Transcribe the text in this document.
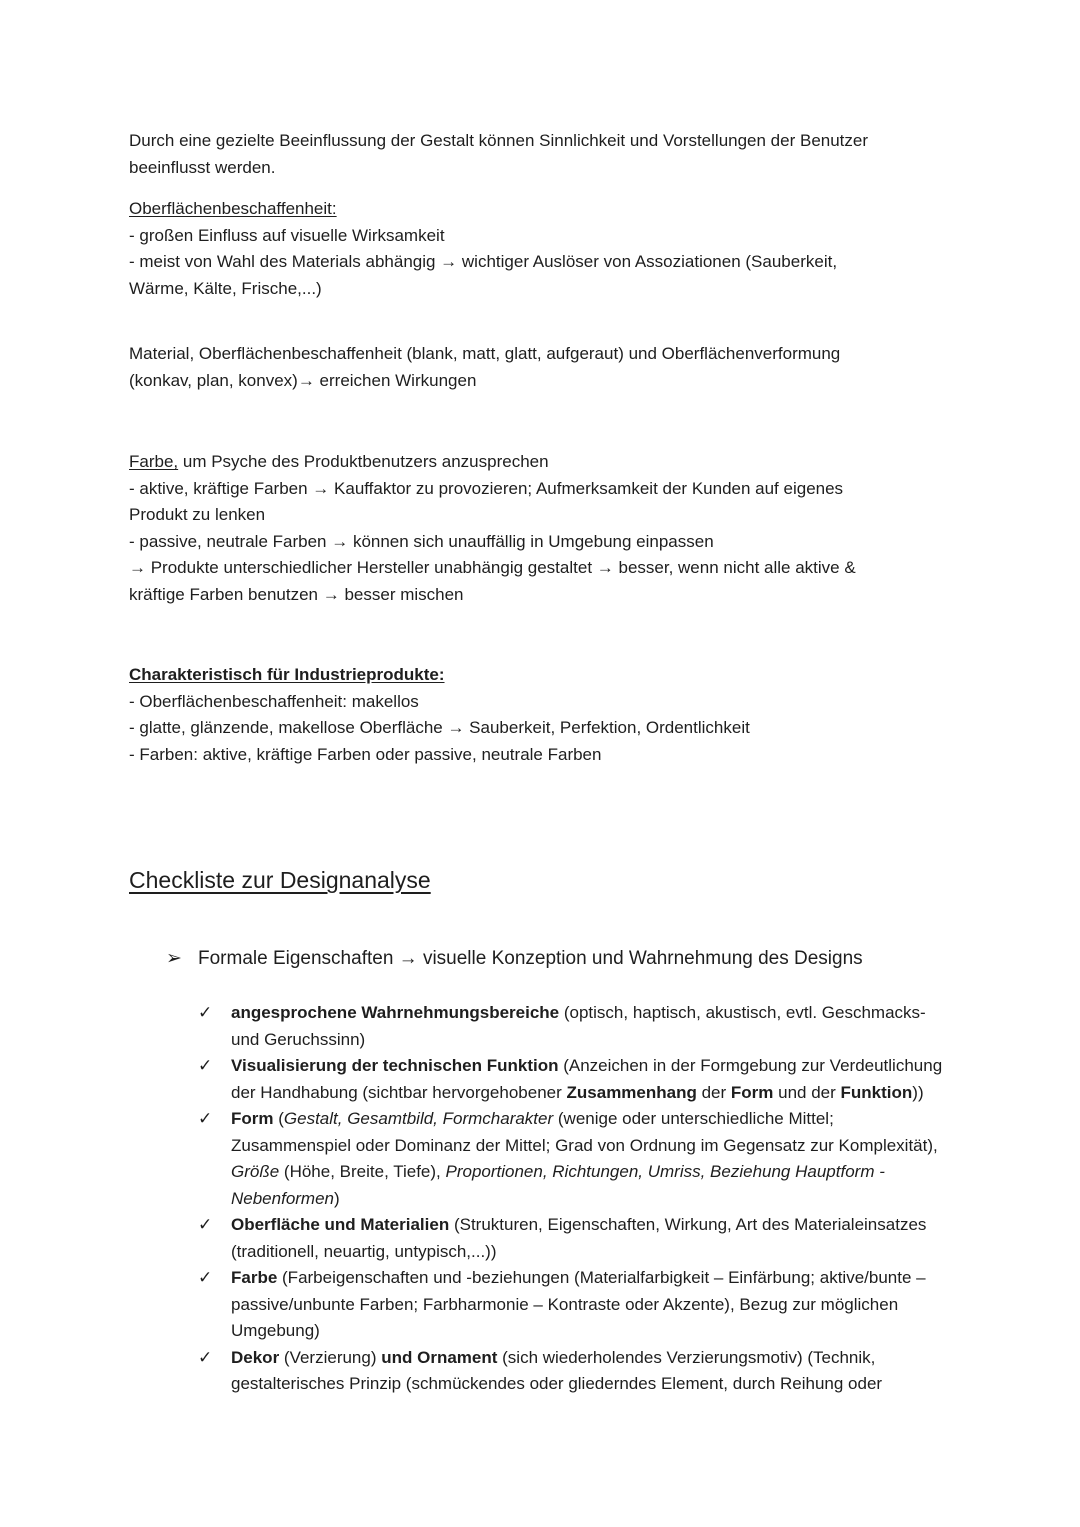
Durch eine gezielte Beeinflussung der Gestalt können Sinnlichkeit und Vorstellungen der Benutzer

beeinflusst werden.

Oberflächenbeschaffenheit:

- großen Einfluss auf visuelle Wirksamkeit

- meist von Wahl des Materials abhängig → wichtiger Auslöser von Assoziationen (Sauberkeit,

Wärme, Kälte, Frische,...)

Material, Oberflächenbeschaffenheit (blank, matt, glatt, aufgeraut) und Oberflächenverformung

(konkav, plan, konvex)→ erreichen Wirkungen

Farbe, um Psyche des Produktbenutzers anzusprechen

- aktive, kräftige Farben → Kauffaktor zu provozieren; Aufmerksamkeit der Kunden auf eigenes

Produkt zu lenken

- passive, neutrale Farben → können sich unauffällig in Umgebung einpassen

→ Produkte unterschiedlicher Hersteller unabhängig gestaltet → besser, wenn nicht alle aktive &

kräftige Farben benutzen → besser mischen

Charakteristisch für Industrieprodukte:

- Oberflächenbeschaffenheit: makellos

- glatte, glänzende, makellose Oberfläche → Sauberkeit, Perfektion, Ordentlichkeit

- Farben: aktive, kräftige Farben oder passive, neutrale Farben

Checkliste zur Designanalyse
➢ Formale Eigenschaften → visuelle Konzeption und Wahrnehmung des Designs
✓ angesprochene Wahrnehmungsbereiche (optisch, haptisch, akustisch, evtl. Geschmacks- und Geruchssinn)
✓ Visualisierung der technischen Funktion (Anzeichen in der Formgebung zur Verdeutlichung der Handhabung (sichtbar hervorgehobener Zusammenhang der Form und der Funktion))
✓ Form (Gestalt, Gesamtbild, Formcharakter (wenige oder unterschiedliche Mittel; Zusammenspiel oder Dominanz der Mittel; Grad von Ordnung im Gegensatz zur Komplexität), Größe (Höhe, Breite, Tiefe), Proportionen, Richtungen, Umriss, Beziehung Hauptform - Nebenformen)
✓ Oberfläche und Materialien (Strukturen, Eigenschaften, Wirkung, Art des Materialeinsatzes (traditionell, neuartig, untypisch,...))
✓ Farbe (Farbeigenschaften und -beziehungen (Materialfarbigkeit – Einfärbung; aktive/bunte – passive/unbunte Farben; Farbharmonie – Kontraste oder Akzente), Bezug zur möglichen Umgebung)
✓ Dekor (Verzierung) und Ornament (sich wiederholendes Verzierungsmotiv) (Technik, gestalterisches Prinzip (schmückendes oder gliederndes Element, durch Reihung oder
